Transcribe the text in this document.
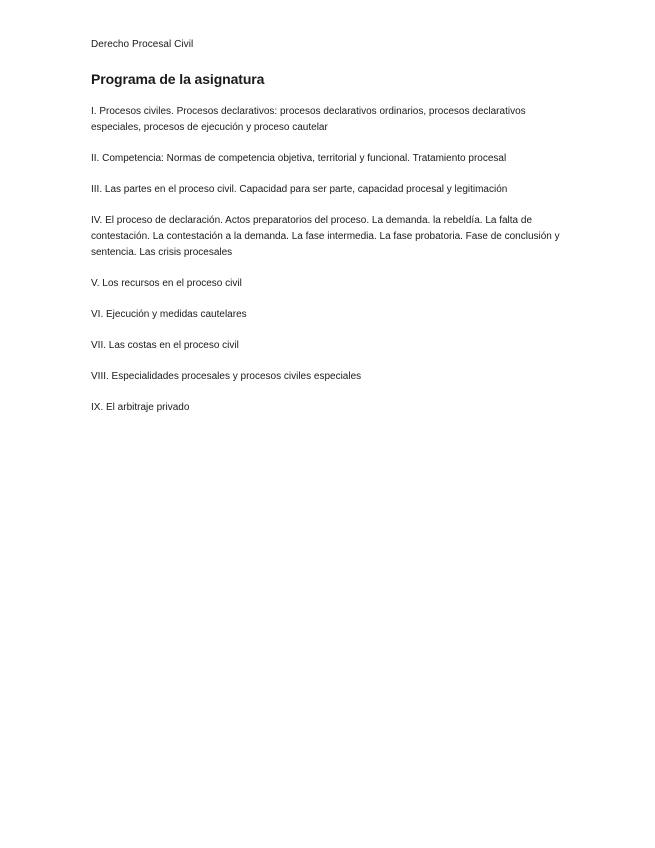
Derecho Procesal Civil

Programa de la asignatura
I. Procesos civiles. Procesos declarativos: procesos declarativos ordinarios, procesos declarativos especiales, procesos de ejecución y proceso cautelar
II. Competencia: Normas de competencia objetiva, territorial y funcional. Tratamiento procesal
III. Las partes en el proceso civil. Capacidad para ser parte, capacidad procesal y legitimación
IV. El proceso de declaración. Actos preparatorios del proceso. La demanda. la rebeldía. La falta de contestación. La contestación a la demanda. La fase intermedia. La fase probatoria. Fase de conclusión y sentencia. Las crisis procesales
V. Los recursos en el proceso civil
VI. Ejecución y medidas cautelares
VII. Las costas en el proceso civil
VIII. Especialidades procesales y procesos civiles especiales
IX. El arbitraje privado
